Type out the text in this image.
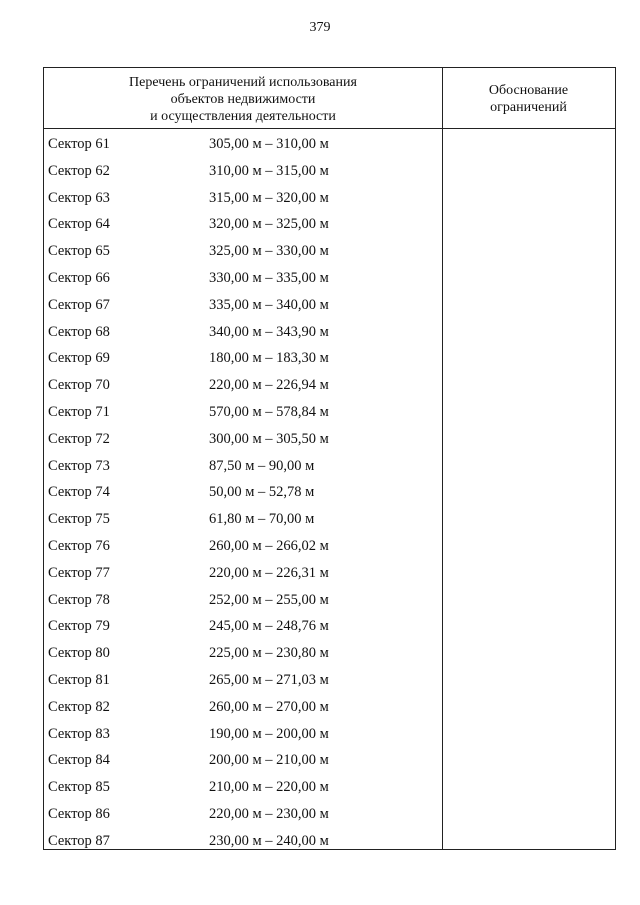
379
Перечень ограничений использования
объектов недвижимости
и осуществления деятельности
Обоснование
ограничений
Сектор 61	305,00 м – 310,00 м
Сектор 62	310,00 м – 315,00 м
Сектор 63	315,00 м – 320,00 м
Сектор 64	320,00 м – 325,00 м
Сектор 65	325,00 м – 330,00 м
Сектор 66	330,00 м – 335,00 м
Сектор 67	335,00 м – 340,00 м
Сектор 68	340,00 м – 343,90 м
Сектор 69	180,00 м – 183,30 м
Сектор 70	220,00 м – 226,94 м
Сектор 71	570,00 м – 578,84 м
Сектор 72	300,00 м – 305,50 м
Сектор 73	87,50 м – 90,00 м
Сектор 74	50,00 м – 52,78 м
Сектор 75	61,80 м – 70,00 м
Сектор 76	260,00 м – 266,02 м
Сектор 77	220,00 м – 226,31 м
Сектор 78	252,00 м – 255,00 м
Сектор 79	245,00 м – 248,76 м
Сектор 80	225,00 м – 230,80 м
Сектор 81	265,00 м – 271,03 м
Сектор 82	260,00 м – 270,00 м
Сектор 83	190,00 м – 200,00 м
Сектор 84	200,00 м – 210,00 м
Сектор 85	210,00 м – 220,00 м
Сектор 86	220,00 м – 230,00 м
Сектор 87	230,00 м – 240,00 м
